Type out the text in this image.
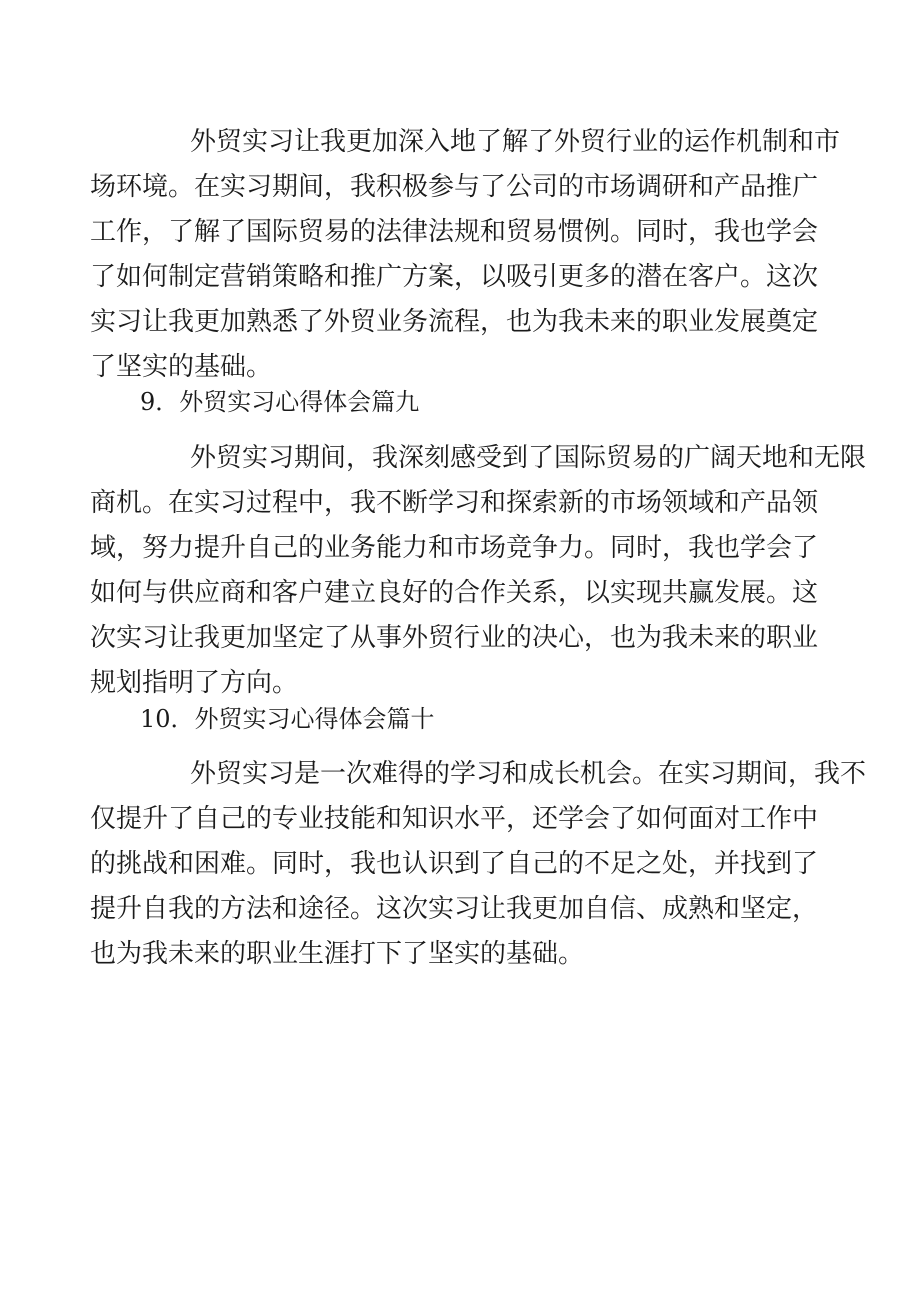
外贸实习让我更加深入地了解了外贸行业的运作机制和市
场环境。在实习期间，我积极参与了公司的市场调研和产品推广
工作，了解了国际贸易的法律法规和贸易惯例。同时，我也学会
了如何制定营销策略和推广方案，以吸引更多的潜在客户。这次
实习让我更加熟悉了外贸业务流程，也为我未来的职业发展奠定
了坚实的基础。
9．外贸实习心得体会篇九
外贸实习期间，我深刻感受到了国际贸易的广阔天地和无限
商机。在实习过程中，我不断学习和探索新的市场领域和产品领
域，努力提升自己的业务能力和市场竞争力。同时，我也学会了
如何与供应商和客户建立良好的合作关系，以实现共赢发展。这
次实习让我更加坚定了从事外贸行业的决心，也为我未来的职业
规划指明了方向。
10．外贸实习心得体会篇十
外贸实习是一次难得的学习和成长机会。在实习期间，我不
仅提升了自己的专业技能和知识水平，还学会了如何面对工作中
的挑战和困难。同时，我也认识到了自己的不足之处，并找到了
提升自我的方法和途径。这次实习让我更加自信、成熟和坚定，
也为我未来的职业生涯打下了坚实的基础。
